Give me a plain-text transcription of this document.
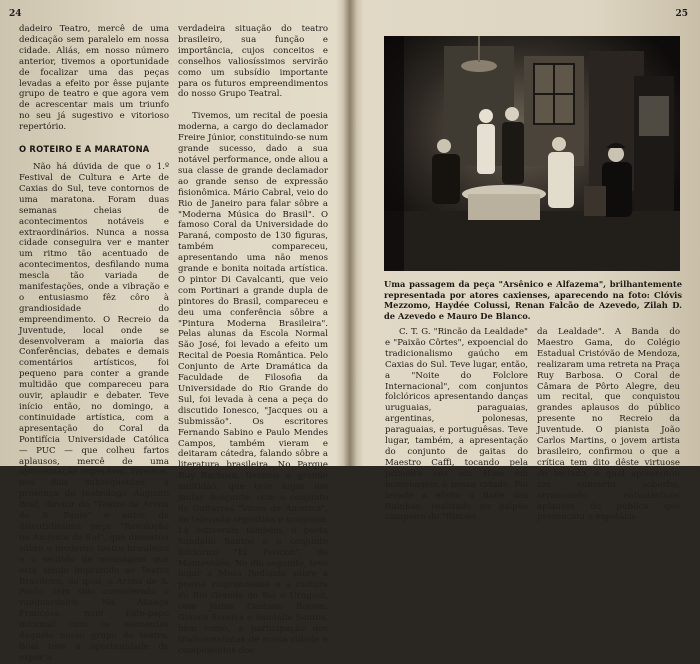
24

dadeiro Teatro, mercê de uma dedicação sem paralelo em nossa cidade. Aliás, em nosso número anterior, tivemos a oportunidade de focalizar uma das peças levadas a efeito por êsse pujante grupo de teatro e que agora vem de acrescentar mais um triunfo no seu já sugestivo e vitorioso repertório.

O ROTEIRO E A MARATONA

Não há dúvida de que o 1.º Festival de Cultura e Arte de Caxias do Sul, teve contornos de uma maratona. Foram duas semanas cheias de acontecimentos notáveis e extraordinários. Nunca a nossa cidade conseguira ver e manter um ritmo tão acentuado de acontecimentos, desfilando numa mescla tão variada de manifestações, onde a vibração e o entusiasmo fêz côro à grandiosidade do empreendimento. O Recreio da Juventude, local onde se desenvolveram a maioria das Conferências, debates e demais comentários artísticos, foi pequeno para conter a grande multidão que compareceu para ouvir, aplaudir e debater. Teve início então, no domingo, a continuidade artística, com a apresentação do Coral da Pontifícia Universidade Católica — PUC — que colheu fartos aplausos, mercê de uma apresentação impecável. Tivemos, nos dias subsequentes, a presença do teatrólogo Augusto Boal, diretor do "Teatro de Arena de S. Paulo" e autor da discutidíssima peça "Revolução na América do Sul", que dissertou sôbre o moderno teatro brasileiro e o sentido da mensagem que está sendo imprimido ao Teatro Brasileiro, do qual, o Arena de S. Paulo, tem sido considerado o vanguardeiro. Na Aliança Francesa, num bate-papo informal com os elementos daquele nosso grupo de teatro, Boal teve a oportunidade de expor a

verdadeira situação do teatro brasileiro, sua função e importância, cujos conceitos e conselhos valiosíssimos servirão como um subsídio importante para os futuros empreendimentos do nosso Grupo Teatral.

Tivemos, um recital de poesia moderna, a cargo do declamador Freire Júnior, constituindo-se num grande sucesso, dado a sua notável performance, onde aliou a sua classe de grande declamador ao grande senso de expressão fisionômica. Mário Cabral, veio do Rio de Janeiro para falar sôbre a "Moderna Música do Brasil". O famoso Coral da Universidade do Paraná, composto de 130 figuras, também compareceu, apresentando uma não menos grande e bonita noitada artística. O pintor Di Cavalcanti, que veio com Portinari a grande dupla de pintores do Brasil, compareceu e deu uma conferência sôbre a "Pintura Moderna Brasileira". Pelas alunas da Escola Normal São José, foi levado a efeito um Recital de Poesia Romântica. Pelo Conjunto de Arte Dramática da Faculdade de Filosofia da Universidade do Rio Grande do Sul, foi levada à cena a peça do discutido Ionesco, "Jacques ou a Submissão". Os escritores Fernando Sabino e Paulo Mendes Campos, também vieram e deitaram cátedra, falando sôbre a literatura brasileira. No Parque Ruy Barbosa, tivemos a grande multidão, que teve lugar um jantar dançante, com o conjunto de Guitarras "Voces de America", da televisão argentina e uruguaia. Lá estiveram também, o poeta Sandália Santos e o conjunto folclórico "El Pericon", de Montevidéo. No dia seguinte, teve lugar a Mesa Redonda sôbre a poesia riograndense e a cultura do Rio Grande do Sul e Uruguai, com Jaime Caetano Braum, Glauco Saraiva e Sandália Santos, bem como, a participação dos tradicionalistas de nossa cidade e componentes dos

25
Uma passagem da peça "Arsênico e Alfazema", brilhantemente representada por atores caxienses, aparecendo na foto: Clóvis Mezzomo, Haydée Colussi, Renan Falcão de Azevedo, Zilah D. de Azevedo e Mauro De Blanco.

C. T. G. "Rincão da Lealdade" e "Paixão Côrtes", expoencial do tradicionalismo gaúcho em Caxias do Sul. Teve lugar, então, a "Noite do Folclore Internacional", com conjuntos folclóricos apresentando danças uruguaias, paraguaias, argentinas, polonesas, paraguaias, e portuguêsas. Teve lugar, também, a apresentação do conjunto de gaitas do Maestro Caffi, tocando pela primeira vez um Hino em homenagem à nossa cidade. Foi levado a efeito o Baile das Rainhas, realizado no galpão campeiro do "Rincão

da Lealdade". A Banda do Maestro Gama, do Colégio Estadual Cristóvão de Mendoza, realizaram uma retreta na Praça Ruy Barbosa. O Coral de Câmara de Pôrto Alegre, deu um recital, que conquistou grandes aplausos do público presente no Recreio da Juventude. O pianista João Carlos Martins, o jovem artista brasileiro, confirmou o que a crítica tem dito dêste virtuose do teclado, o qual apresentou um concerto soberbo, arrancando entusiásticos aplausos do público que presenciou o espetácu-
